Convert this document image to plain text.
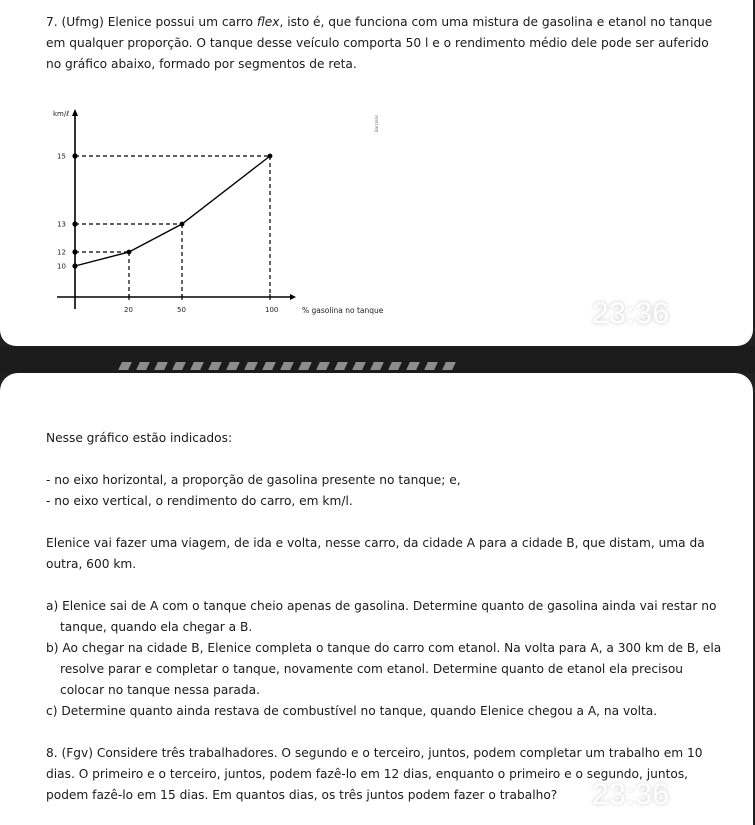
7. (Ufmg) Elenice possui um carro flex, isto é, que funciona com uma mistura de gasolina e etanol no tanque em qualquer proporção. O tanque desse veículo comporta 50 l e o rendimento médio dele pode ser auferido no gráfico abaixo, formado por segmentos de reta.
km/ℓ
% gasolina no tanque
10
12
13
15
20	50	100
Barcelós
23:36

Nesse gráfico estão indicados:

- no eixo horizontal, a proporção de gasolina presente no tanque; e,

- no eixo vertical, o rendimento do carro, em km/l.

Elenice vai fazer uma viagem, de ida e volta, nesse carro, da cidade A para a cidade B, que distam, uma da outra, 600 km.

a) Elenice sai de A com o tanque cheio apenas de gasolina. Determine quanto de gasolina ainda vai restar no tanque, quando ela chegar a B.

b) Ao chegar na cidade B, Elenice completa o tanque do carro com etanol. Na volta para A, a 300 km de B, ela resolve parar e completar o tanque, novamente com etanol. Determine quanto de etanol ela precisou colocar no tanque nessa parada.

c) Determine quanto ainda restava de combustível no tanque, quando Elenice chegou a A, na volta.

8. (Fgv) Considere três trabalhadores. O segundo e o terceiro, juntos, podem completar um trabalho em 10 dias. O primeiro e o terceiro, juntos, podem fazê-lo em 12 dias, enquanto o primeiro e o segundo, juntos, podem fazê-lo em 15 dias. Em quantos dias, os três juntos podem fazer o trabalho?	23:36
